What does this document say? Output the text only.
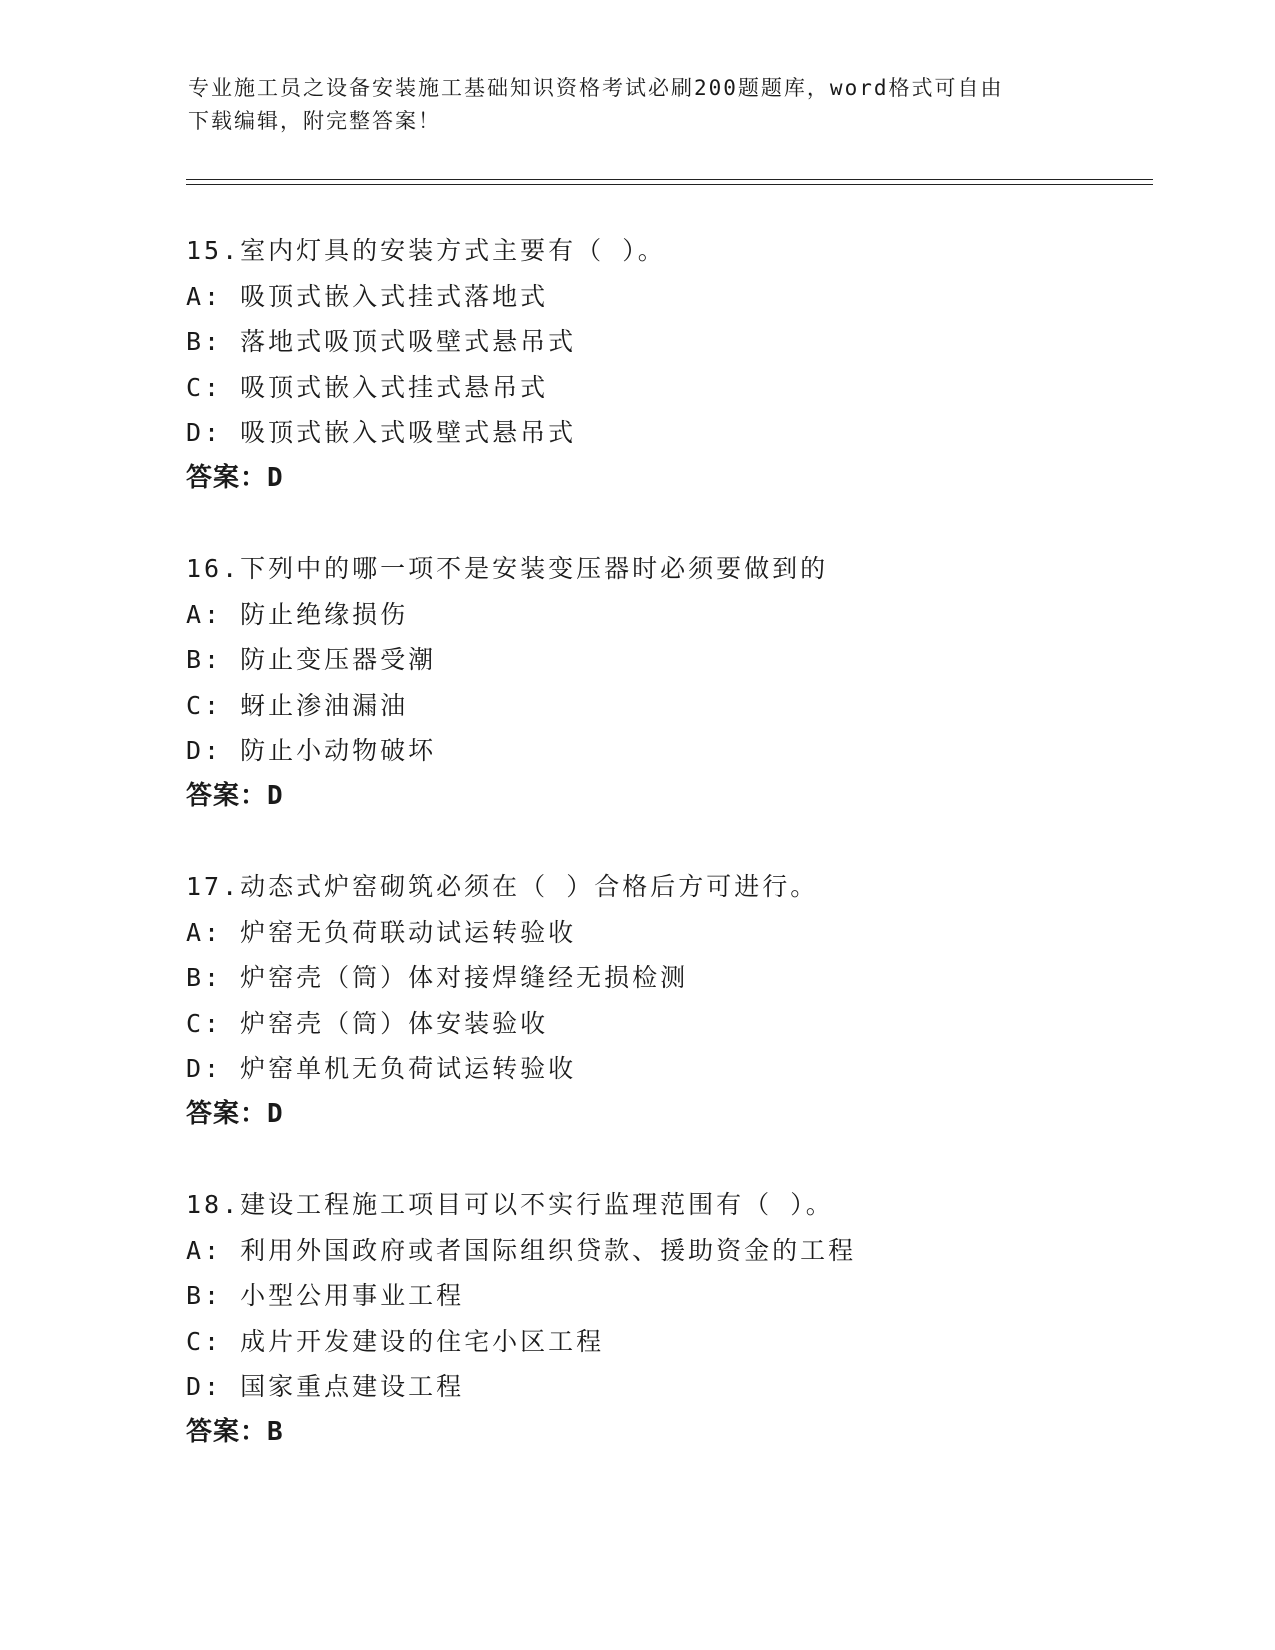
专业施工员之设备安装施工基础知识资格考试必刷200题题库，word格式可自由
下载编辑，附完整答案！
15.室内灯具的安装方式主要有（ ）。
A: 吸顶式嵌入式挂式落地式
B: 落地式吸顶式吸壁式悬吊式
C: 吸顶式嵌入式挂式悬吊式
D: 吸顶式嵌入式吸壁式悬吊式
答案：D
16.下列中的哪一项不是安装变压器时必须要做到的
A: 防止绝缘损伤
B: 防止变压器受潮
C: 蚜止渗油漏油
D: 防止小动物破坏
答案：D
17.动态式炉窑砌筑必须在（ ）合格后方可进行。
A: 炉窑无负荷联动试运转验收
B: 炉窑壳（筒）体对接焊缝经无损检测
C: 炉窑壳（筒）体安装验收
D: 炉窑单机无负荷试运转验收
答案：D
18.建设工程施工项目可以不实行监理范围有（ ）。
A: 利用外国政府或者国际组织贷款、援助资金的工程
B: 小型公用事业工程
C: 成片开发建设的住宅小区工程
D: 国家重点建设工程
答案：B
